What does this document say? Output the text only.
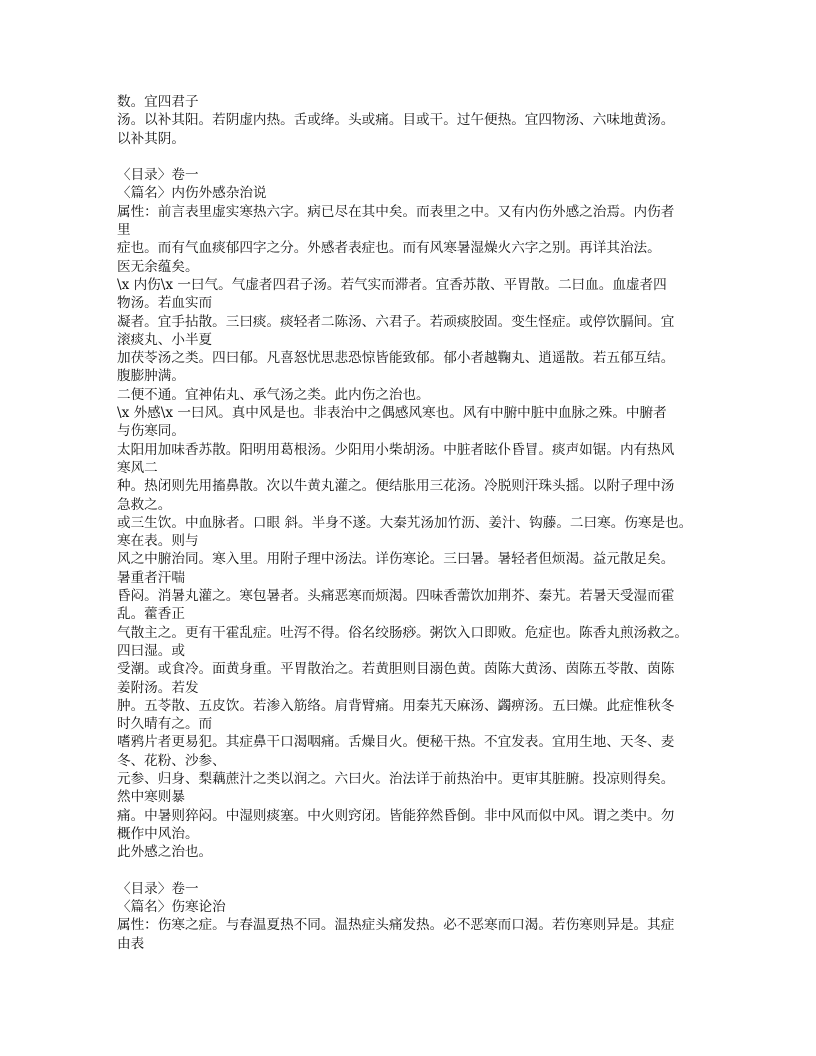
数。宜四君子
汤。以补其阳。若阴虚内热。舌或绛。头或痛。目或干。过午便热。宜四物汤、六味地黄汤。
以补其阴。
〈目录〉卷一
〈篇名〉内伤外感杂治说
属性：前言表里虚实寒热六字。病已尽在其中矣。而表里之中。又有内伤外感之治焉。内伤者
里
症也。而有气血痰郁四字之分。外感者表症也。而有风寒暑湿燥火六字之别。再详其治法。
医无余蕴矣。
\x 内伤\x 一曰气。气虚者四君子汤。若气实而滞者。宜香苏散、平胃散。二曰血。血虚者四
物汤。若血实而
凝者。宜手拈散。三曰痰。痰轻者二陈汤、六君子。若顽痰胶固。变生怪症。或停饮膈间。宜
滚痰丸、小半夏
加茯苓汤之类。四曰郁。凡喜怒忧思悲恐惊皆能致郁。郁小者越鞠丸、逍遥散。若五郁互结。
腹膨肿满。
二便不通。宜神佑丸、承气汤之类。此内伤之治也。
\x 外感\x 一曰风。真中风是也。非表治中之偶感风寒也。风有中腑中脏中血脉之殊。中腑者
与伤寒同。
太阳用加味香苏散。阳明用葛根汤。少阳用小柴胡汤。中脏者眩仆昏冒。痰声如锯。内有热风
寒风二
种。热闭则先用搐鼻散。次以牛黄丸灌之。便结胀用三花汤。冷脱则汗珠头摇。以附子理中汤
急救之。
或三生饮。中血脉者。口眼 斜。半身不遂。大秦艽汤加竹沥、姜汁、钩藤。二曰寒。伤寒是也。
寒在表。则与
风之中腑治同。寒入里。用附子理中汤法。详伤寒论。三曰暑。暑轻者但烦渴。益元散足矣。
暑重者汗喘
昏闷。消暑丸灌之。寒包暑者。头痛恶寒而烦渴。四味香薷饮加荆芥、秦艽。若暑天受湿而霍
乱。藿香正
气散主之。更有干霍乱症。吐泻不得。俗名绞肠痧。粥饮入口即败。危症也。陈香丸煎汤救之。
四曰湿。或
受潮。或食冷。面黄身重。平胃散治之。若黄胆则目溺色黄。茵陈大黄汤、茵陈五苓散、茵陈
姜附汤。若发
肿。五苓散、五皮饮。若渗入筋络。肩背臂痛。用秦艽天麻汤、蠲痹汤。五曰燥。此症惟秋冬
时久晴有之。而
嗜鸦片者更易犯。其症鼻干口渴咽痛。舌燥目火。便秘干热。不宜发表。宜用生地、天冬、麦
冬、花粉、沙参、
元参、归身、梨藕蔗汁之类以润之。六曰火。治法详于前热治中。更审其脏腑。投凉则得矣。
然中寒则暴
痛。中暑则猝闷。中湿则痰塞。中火则窍闭。皆能猝然昏倒。非中风而似中风。谓之类中。勿
概作中风治。
此外感之治也。
〈目录〉卷一
〈篇名〉伤寒论治
属性：伤寒之症。与春温夏热不同。温热症头痛发热。必不恶寒而口渴。若伤寒则异是。其症
由表
